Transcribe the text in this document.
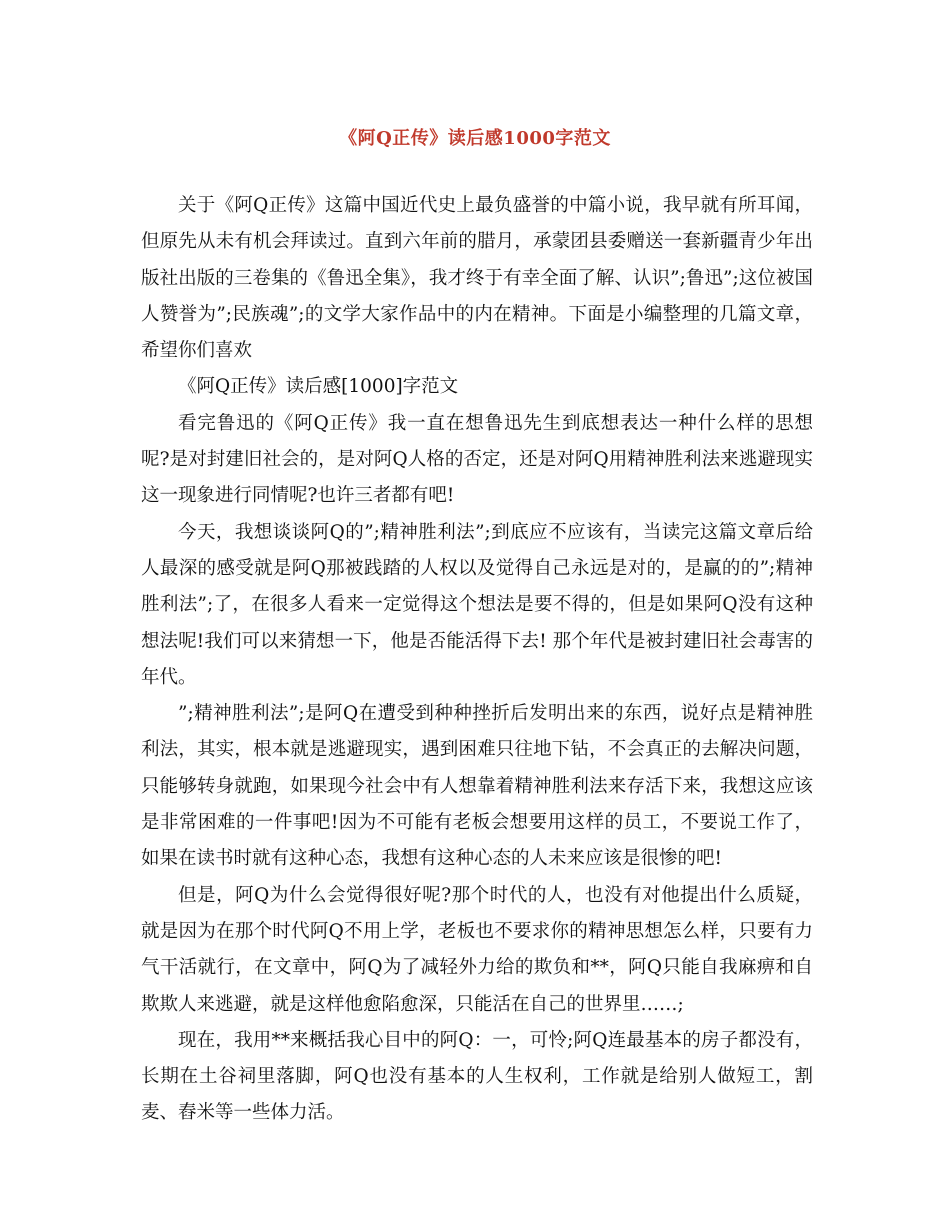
《阿Q正传》读后感1000字范文

关于《阿Q正传》这篇中国近代史上最负盛誉的中篇小说，我早就有所耳闻，但原先从未有机会拜读过。直到六年前的腊月，承蒙团县委赠送一套新疆青少年出版社出版的三卷集的《鲁迅全集》，我才终于有幸全面了解、认识”;鲁迅”;这位被国人赞誉为”;民族魂”;的文学大家作品中的内在精神。下面是小编整理的几篇文章，希望你们喜欢

《阿Q正传》读后感[1000]字范文

看完鲁迅的《阿Q正传》我一直在想鲁迅先生到底想表达一种什么样的思想呢?是对封建旧社会的，是对阿Q人格的否定，还是对阿Q用精神胜利法来逃避现实这一现象进行同情呢?也许三者都有吧!

今天，我想谈谈阿Q的”;精神胜利法”;到底应不应该有，当读完这篇文章后给人最深的感受就是阿Q那被践踏的人权以及觉得自己永远是对的，是赢的的”;精神胜利法”;了，在很多人看来一定觉得这个想法是要不得的，但是如果阿Q没有这种想法呢!我们可以来猜想一下，他是否能活得下去! 那个年代是被封建旧社会毒害的年代。

”;精神胜利法”;是阿Q在遭受到种种挫折后发明出来的东西，说好点是精神胜利法，其实，根本就是逃避现实，遇到困难只往地下钻，不会真正的去解决问题，只能够转身就跑，如果现今社会中有人想靠着精神胜利法来存活下来，我想这应该是非常困难的一件事吧!因为不可能有老板会想要用这样的员工，不要说工作了，如果在读书时就有这种心态，我想有这种心态的人未来应该是很惨的吧!

但是，阿Q为什么会觉得很好呢?那个时代的人，也没有对他提出什么质疑，就是因为在那个时代阿Q不用上学，老板也不要求你的精神思想怎么样，只要有力气干活就行，在文章中，阿Q为了减轻外力给的欺负和**，阿Q只能自我麻痹和自欺欺人来逃避，就是这样他愈陷愈深，只能活在自己的世界里……;

现在，我用**来概括我心目中的阿Q：一，可怜;阿Q连最基本的房子都没有，长期在土谷祠里落脚，阿Q也没有基本的人生权利，工作就是给别人做短工，割麦、舂米等一些体力活。
